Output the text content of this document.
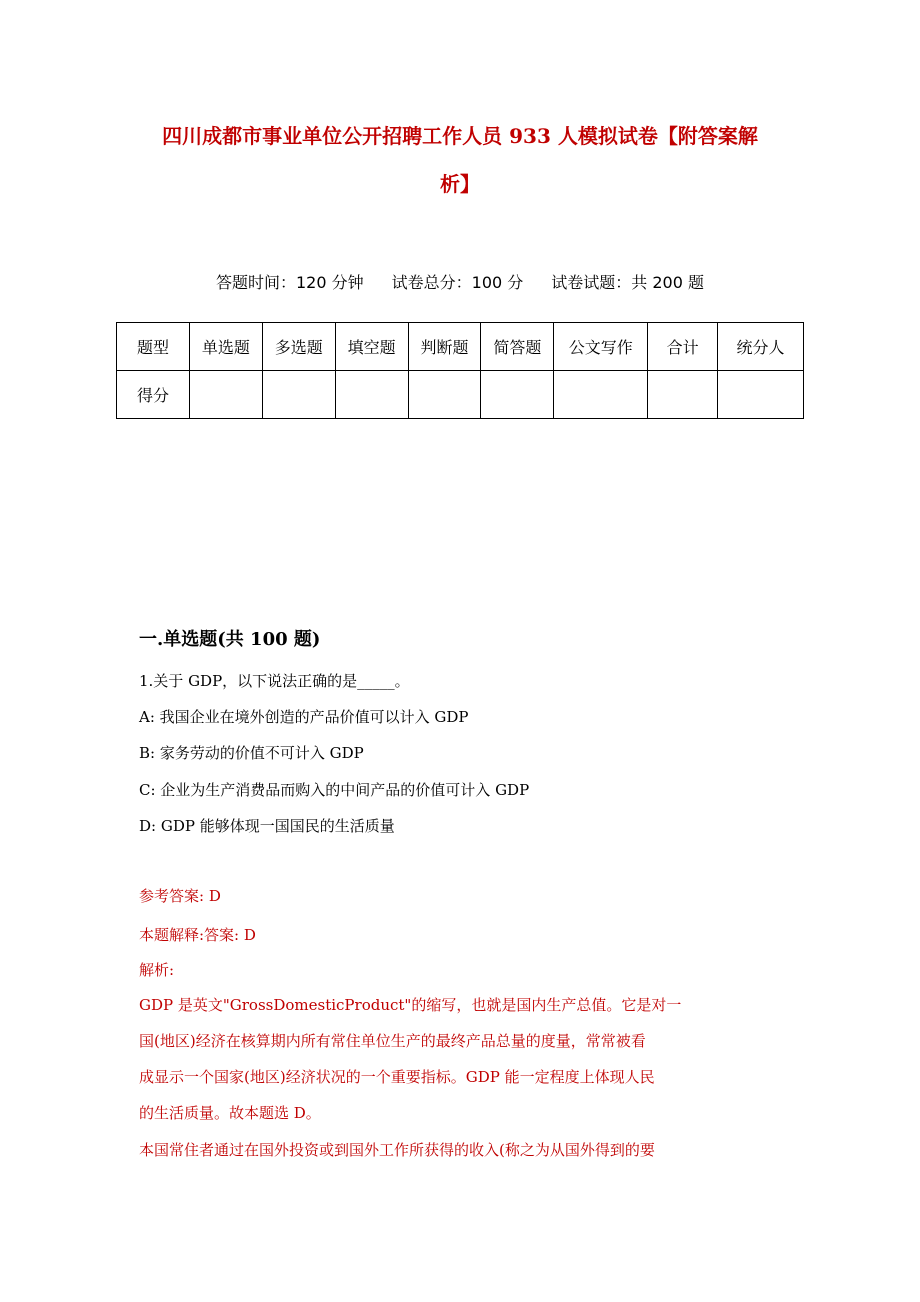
四川成都市事业单位公开招聘工作人员 933 人模拟试卷【附答案解
析】
答题时间：120 分钟 试卷总分：100 分 试卷试题：共 200 题
题型	单选题	多选题	填空题	判断题	简答题	公文写作	合计	统分人
得分								
一.单选题(共 100 题)
1.关于 GDP，以下说法正确的是_____。
A: 我国企业在境外创造的产品价值可以计入 GDP
B: 家务劳动的价值不可计入 GDP
C: 企业为生产消费品而购入的中间产品的价值可计入 GDP
D: GDP 能够体现一国国民的生活质量
参考答案: D
本题解释:答案: D
解析:
GDP 是英文"GrossDomesticProduct"的缩写，也就是国内生产总值。它是对一
国(地区)经济在核算期内所有常住单位生产的最终产品总量的度量，常常被看
成显示一个国家(地区)经济状况的一个重要指标。GDP 能一定程度上体现人民
的生活质量。故本题选 D。
本国常住者通过在国外投资或到国外工作所获得的收入(称之为从国外得到的要
